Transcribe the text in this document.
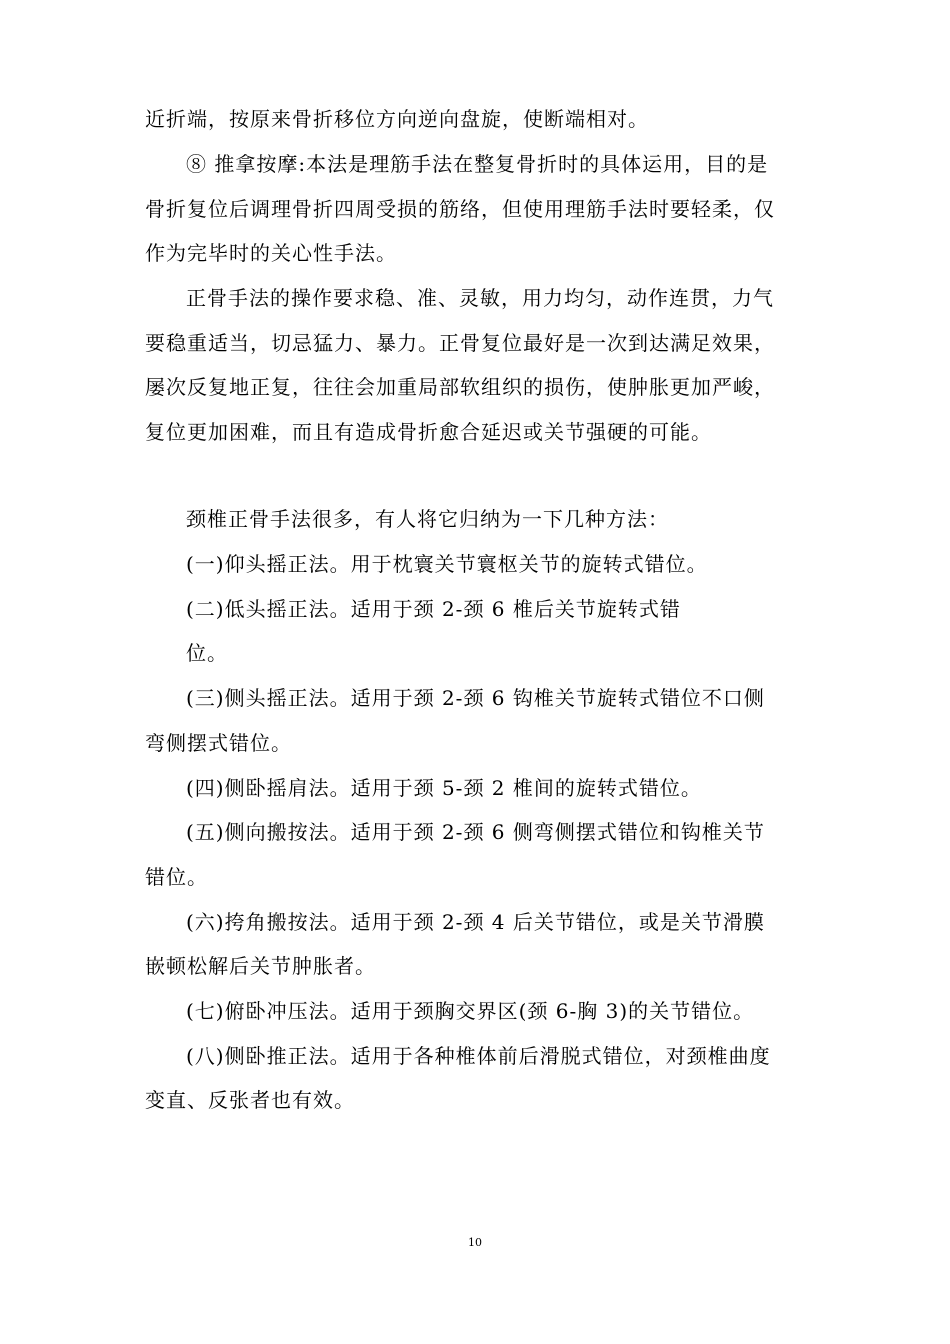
近折端，按原来骨折移位方向逆向盘旋，使断端相对。
⑧ 推拿按摩:本法是理筋手法在整复骨折时的具体运用，目的是
骨折复位后调理骨折四周受损的筋络，但使用理筋手法时要轻柔，仅
作为完毕时的关心性手法。
正骨手法的操作要求稳、准、灵敏，用力均匀，动作连贯，力气
要稳重适当，切忌猛力、暴力。正骨复位最好是一次到达满足效果，
屡次反复地正复，往往会加重局部软组织的损伤，使肿胀更加严峻，
复位更加困难，而且有造成骨折愈合延迟或关节强硬的可能。
颈椎正骨手法很多，有人将它归纳为一下几种方法：
(一)仰头摇正法。用于枕寰关节寰枢关节的旋转式错位。
(二)低头摇正法。适用于颈 2-颈 6 椎后关节旋转式错
位。
(三)侧头摇正法。适用于颈 2-颈 6 钩椎关节旋转式错位不口侧
弯侧摆式错位。
(四)侧卧摇肩法。适用于颈 5-颈 2 椎间的旋转式错位。
(五)侧向搬按法。适用于颈 2-颈 6 侧弯侧摆式错位和钩椎关节
错位。
(六)挎角搬按法。适用于颈 2-颈 4 后关节错位，或是关节滑膜
嵌顿松解后关节肿胀者。
(七)俯卧冲压法。适用于颈胸交界区(颈 6-胸 3)的关节错位。
(八)侧卧推正法。适用于各种椎体前后滑脱式错位，对颈椎曲度
变直、反张者也有效。
10
